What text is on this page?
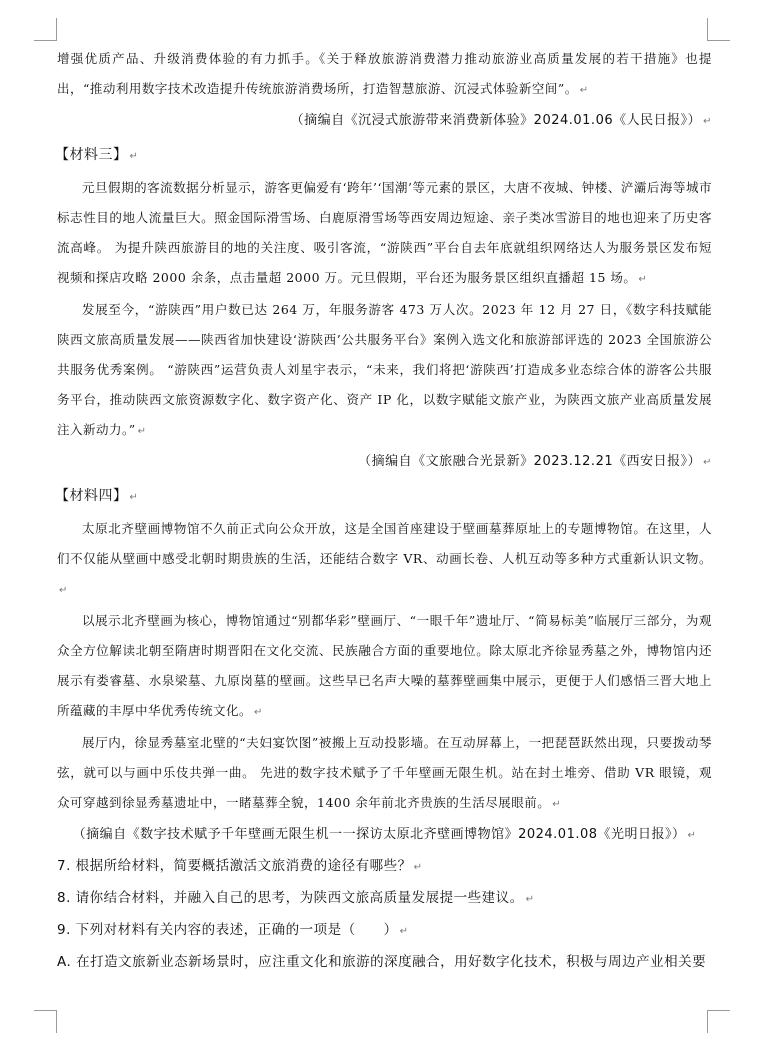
增强优质产品、升级消费体验的有力抓手。《关于释放旅游消费潜力推动旅游业高质量发展的若干措施》也提出，“推动利用数字技术改造提升传统旅游消费场所，打造智慧旅游、沉浸式体验新空间”。 ↵

（摘编自《沉浸式旅游带来消费新体验》2024.01.06《人民日报》） ↵

【材料三】 ↵

元旦假期的客流数据分析显示，游客更偏爱有‘跨年’‘国潮’等元素的景区，大唐不夜城、钟楼、浐灞后海等城市标志性目的地人流量巨大。照金国际滑雪场、白鹿原滑雪场等西安周边短途、亲子类冰雪游目的地也迎来了历史客流高峰。 为提升陕西旅游目的地的关注度、吸引客流，“游陕西”平台自去年底就组织网络达人为服务景区发布短视频和探店攻略 2000 余条，点击量超 2000 万。元旦假期，平台还为服务景区组织直播超 15 场。 ↵

发展至今，“游陕西”用户数已达 264 万，年服务游客 473 万人次。2023 年 12 月 27 日，《数字科技赋能陕西文旅高质量发展——陕西省加快建设‘游陕西’公共服务平台》案例入选文化和旅游部评选的 2023 全国旅游公共服务优秀案例。 “游陕西”运营负责人刘星宇表示，“未来，我们将把‘游陕西’打造成多业态综合体的游客公共服务平台，推动陕西文旅资源数字化、数字资产化、资产 IP 化，以数字赋能文旅产业，为陕西文旅产业高质量发展注入新动力。” ↵

（摘编自《文旅融合光景新》2023.12.21《西安日报》） ↵

【材料四】 ↵

太原北齐壁画博物馆不久前正式向公众开放，这是全国首座建设于壁画墓葬原址上的专题博物馆。在这里，人们不仅能从壁画中感受北朝时期贵族的生活，还能结合数字 VR、动画长卷、人机互动等多种方式重新认识文物。↵

以展示北齐壁画为核心，博物馆通过“别都华彩”壁画厅、“一眼千年”遗址厅、“简易标美”临展厅三部分，为观众全方位解读北朝至隋唐时期晋阳在文化交流、民族融合方面的重要地位。除太原北齐徐显秀墓之外，博物馆内还展示有娄睿墓、水泉梁墓、九原岗墓的壁画。这些早已名声大噪的墓葬壁画集中展示，更便于人们感悟三晋大地上所蕴藏的丰厚中华优秀传统文化。 ↵

展厅内，徐显秀墓室北壁的“夫妇宴饮图”被搬上互动投影墙。在互动屏幕上，一把琵琶跃然出现，只要拨动琴弦，就可以与画中乐伎共弹一曲。 先进的数字技术赋予了千年壁画无限生机。站在封土堆旁、借助 VR 眼镜，观众可穿越到徐显秀墓遗址中，一睹墓葬全貌，1400 余年前北齐贵族的生活尽展眼前。 ↵

（摘编自《数字技术赋予千年壁画无限生机一一探访太原北齐壁画博物馆》2024.01.08《光明日报》） ↵

7. 根据所给材料，简要概括激活文旅消费的途径有哪些？ ↵

8. 请你结合材料，并融入自己的思考，为陕西文旅高质量发展提一些建议。 ↵

9. 下列对材料有关内容的表述，正确的一项是（　　） ↵

A. 在打造文旅新业态新场景时，应注重文化和旅游的深度融合，用好数字化技术，积极与周边产业相关要
